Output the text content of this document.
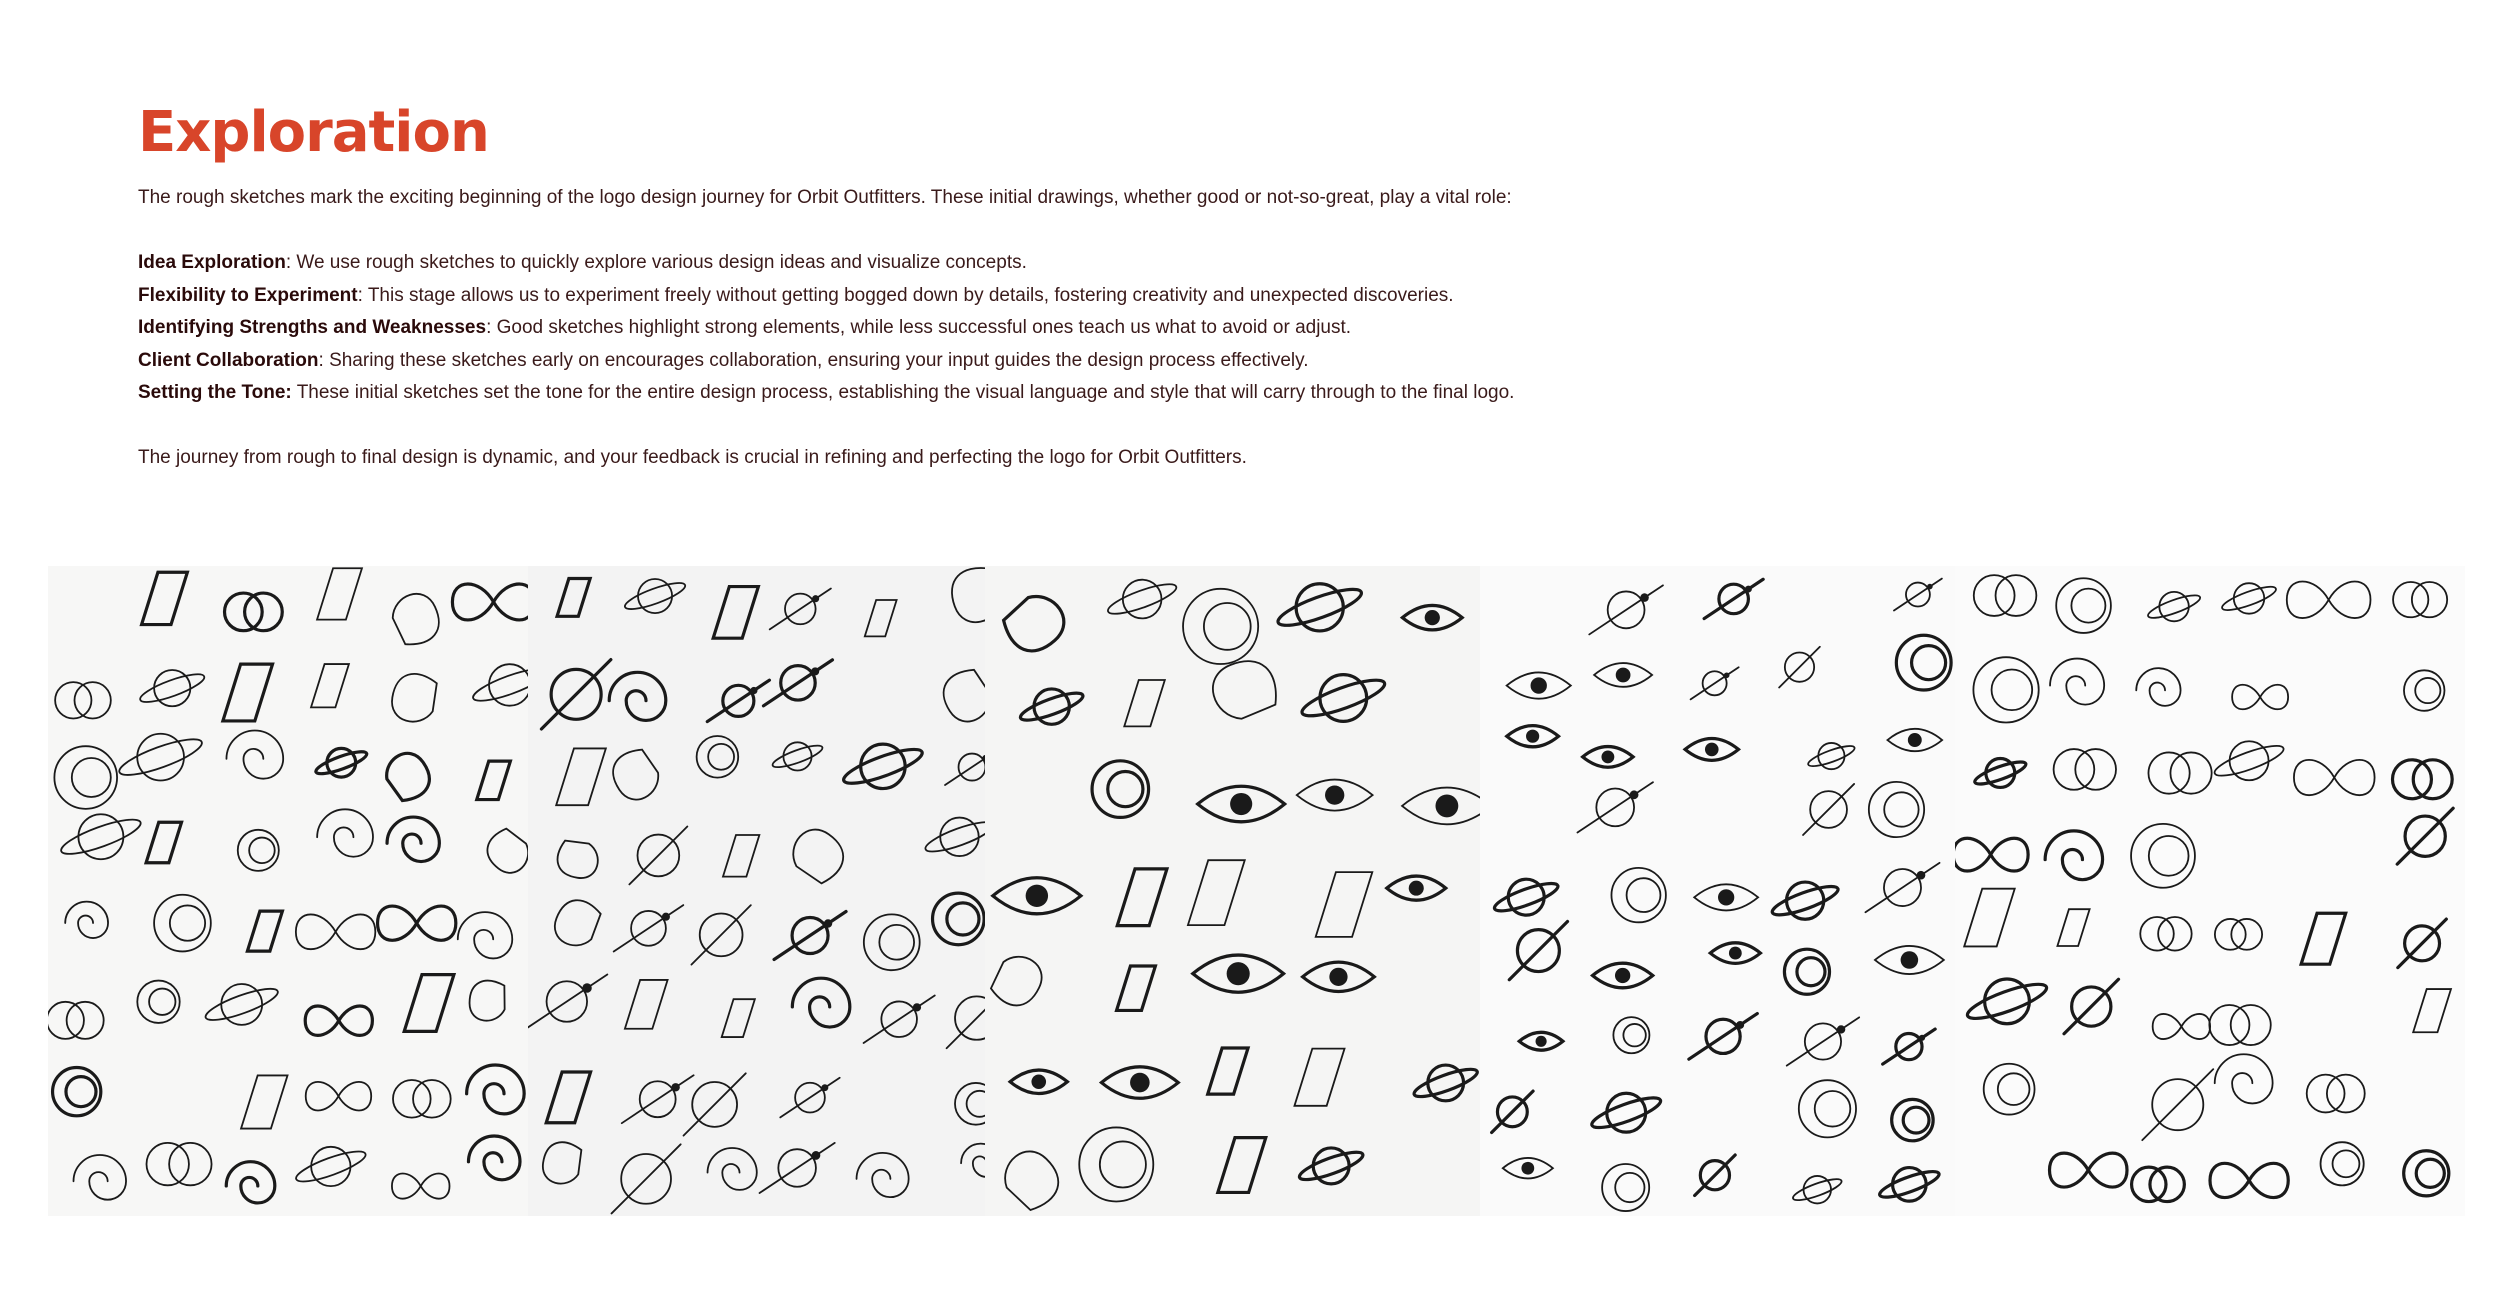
Exploration

The rough sketches mark the exciting beginning of the logo design journey for Orbit Outfitters. These initial drawings, whether good or not-so-great, play a vital role:

Idea Exploration: We use rough sketches to quickly explore various design ideas and visualize concepts.

Flexibility to Experiment: This stage allows us to experiment freely without getting bogged down by details, fostering creativity and unexpected discoveries.

Identifying Strengths and Weaknesses: Good sketches highlight strong elements, while less successful ones teach us what to avoid or adjust.

Client Collaboration: Sharing these sketches early on encourages collaboration, ensuring your input guides the design process effectively.

Setting the Tone: These initial sketches set the tone for the entire design process, establishing the visual language and style that will carry through to the final logo.

The journey from rough to final design is dynamic, and your feedback is crucial in refining and perfecting the logo for Orbit Outfitters.
